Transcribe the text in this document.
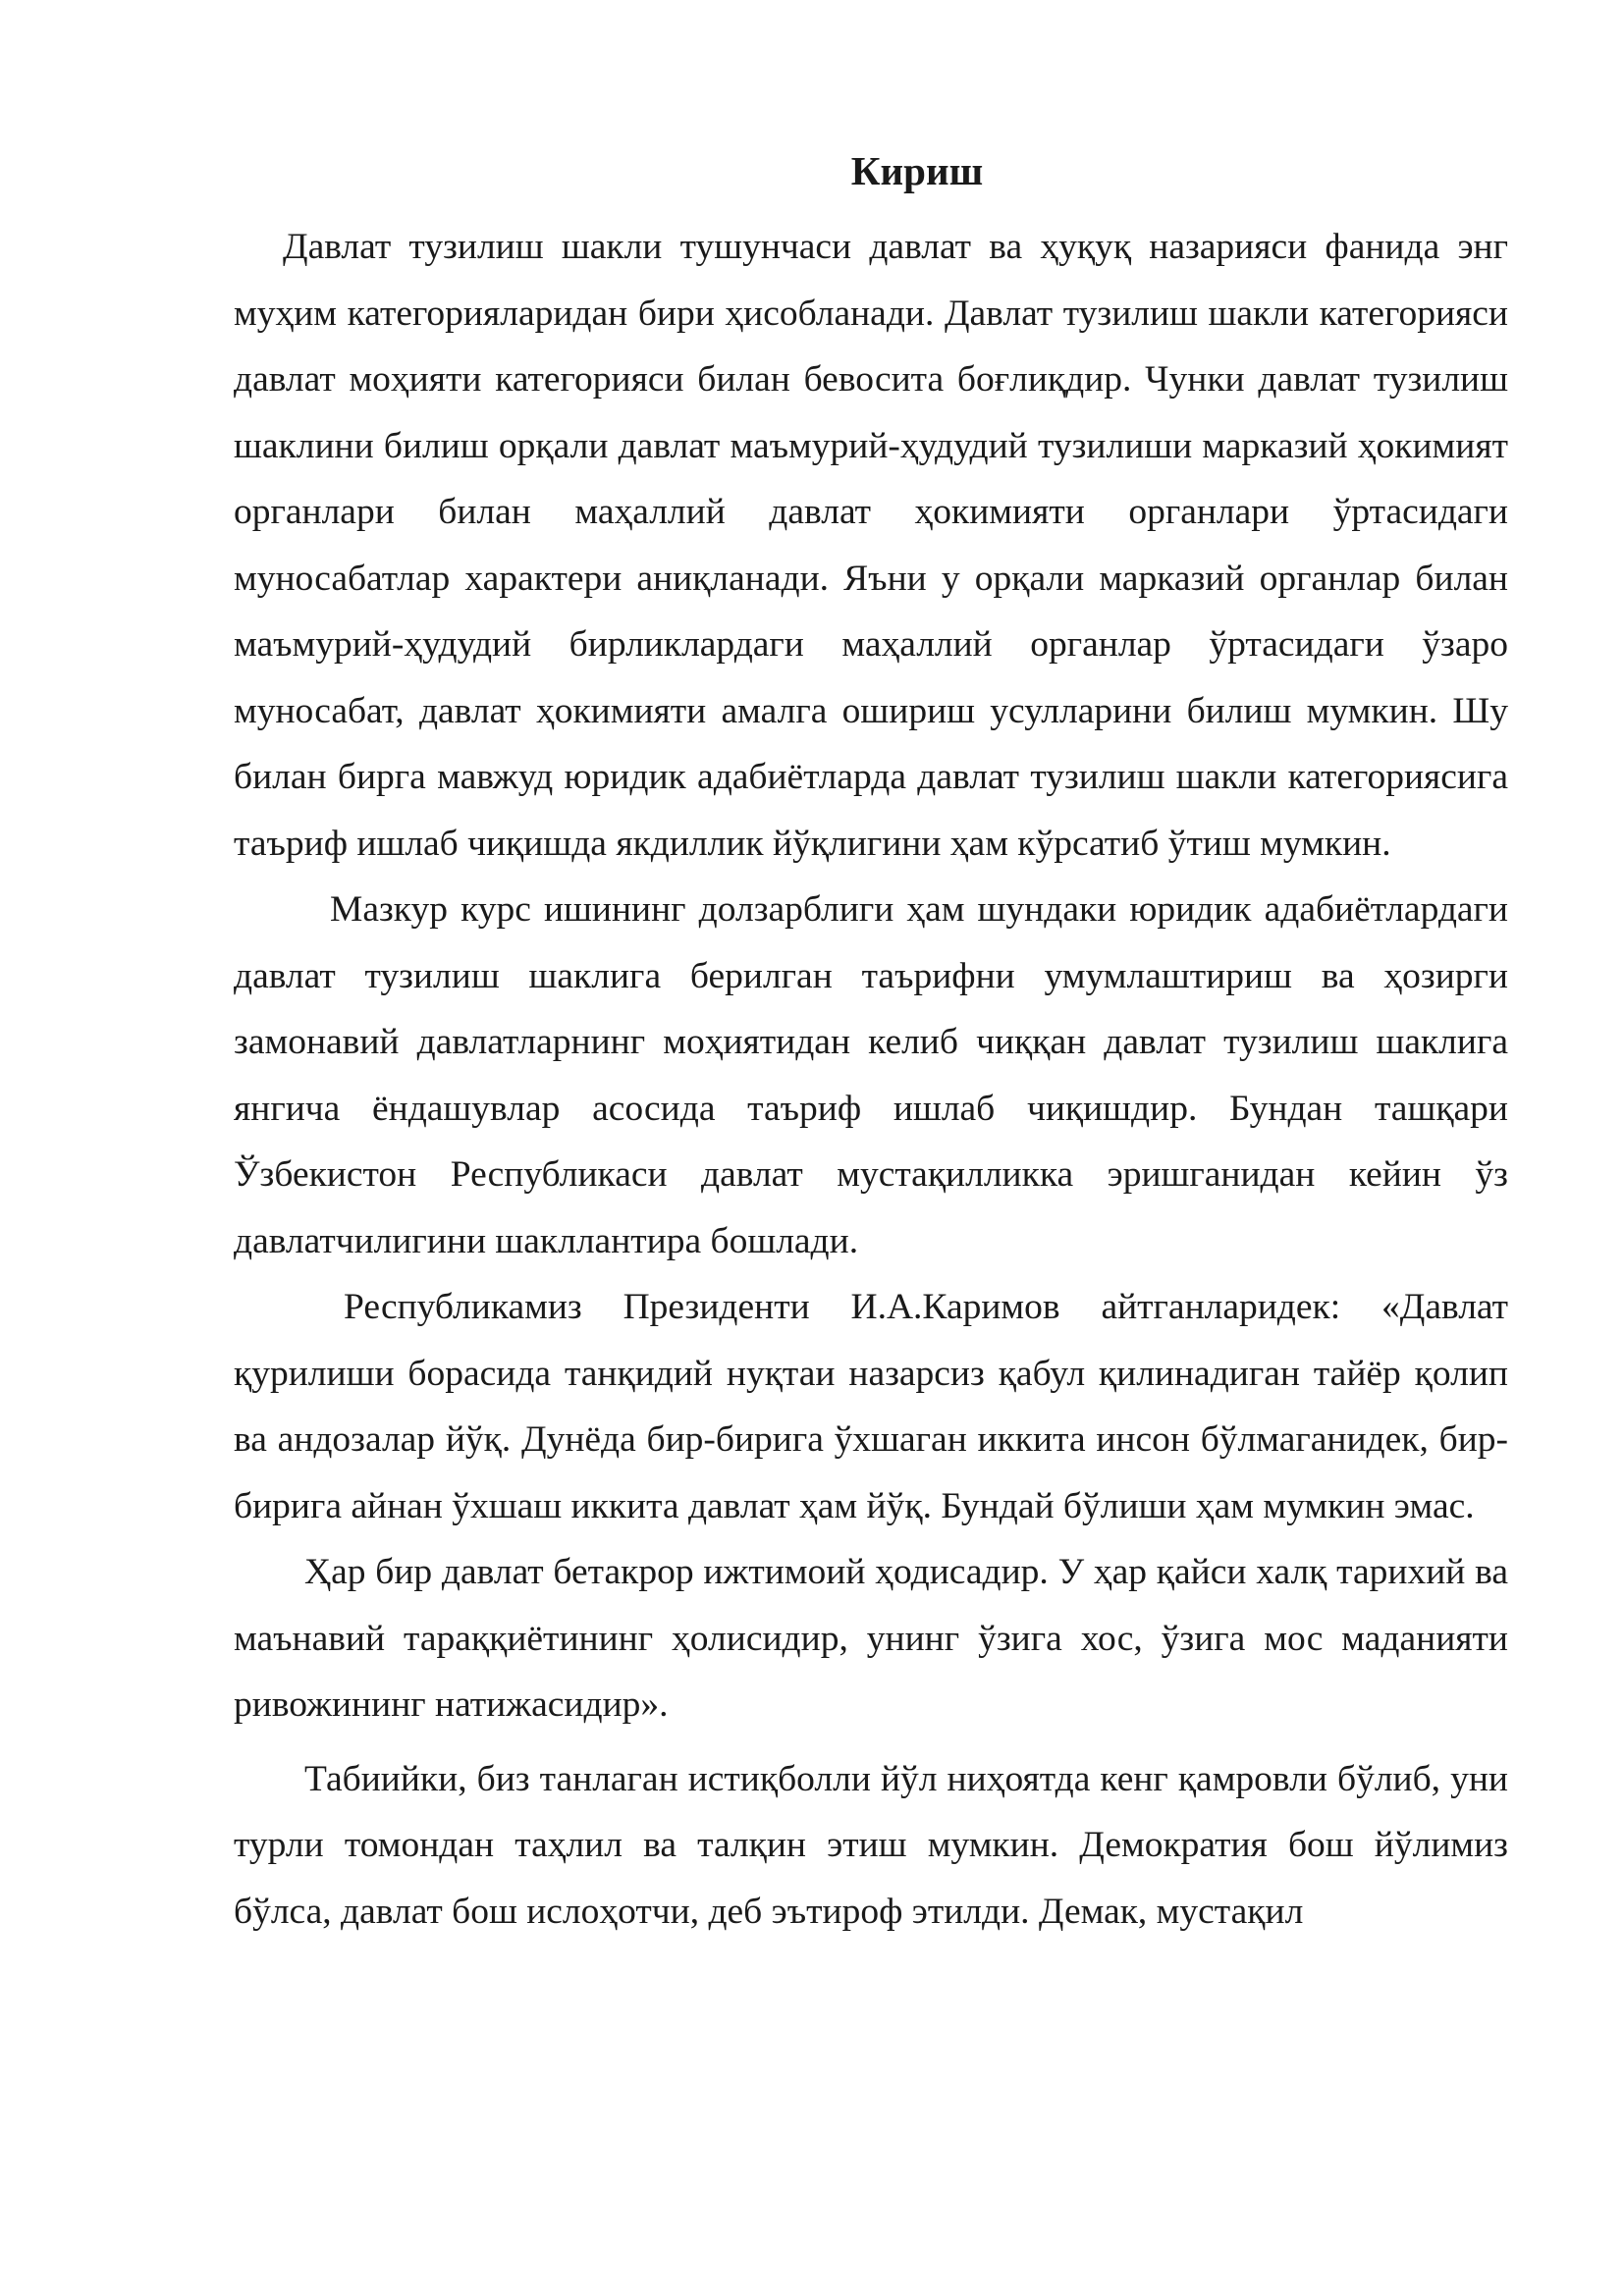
Кириш

Давлат тузилиш шакли тушунчаси давлат ва ҳуқуқ назарияси фанида энг муҳим категорияларидан бири ҳисобланади. Давлат тузилиш шакли категорияси давлат моҳияти категорияси билан бевосита боғлиқдир. Чунки давлат тузилиш шаклини билиш орқали давлат маъмурий-ҳудудий тузилиши марказий ҳокимият органлари билан маҳаллий давлат ҳокимияти органлари ўртасидаги муносабатлар характери аниқланади. Яъни у орқали марказий органлар билан маъмурий-ҳудудий бирликлардаги маҳаллий органлар ўртасидаги ўзаро муносабат, давлат ҳокимияти амалга ошириш усулларини билиш мумкин. Шу билан бирга мавжуд юридик адабиётларда давлат тузилиш шакли категориясига таъриф ишлаб чиқишда якдиллик йўқлигини ҳам кўрсатиб ўтиш мумкин.

Мазкур курс ишининг долзарблиги ҳам шундаки юридик адабиётлардаги давлат тузилиш шаклига берилган таърифни умумлаштириш ва ҳозирги замонавий давлатларнинг моҳиятидан келиб чиққан давлат тузилиш шаклига янгича ёндашувлар асосида таъриф ишлаб чиқишдир. Бундан ташқари Ўзбекистон Республикаси давлат мустақилликка эришганидан кейин ўз давлатчилигини шакллантира бошлади.

Республикамиз Президенти И.А.Каримов айтганларидек: «Давлат қурилиши борасида танқидий нуқтаи назарсиз қабул қилинадиган тайёр қолип ва андозалар йўқ. Дунёда бир-бирига ўхшаган иккита инсон бўлмаганидек, бир-бирига айнан ўхшаш иккита давлат ҳам йўқ. Бундай бўлиши ҳам мумкин эмас.

Ҳар бир давлат бетакрор ижтимоий ҳодисадир. У ҳар қайси халқ тарихий ва маънавий тараққиётининг ҳолисидир, унинг ўзига хос, ўзига мос маданияти ривожининг натижасидир».

Табиийки, биз танлаган истиқболли йўл ниҳоятда кенг қамровли бўлиб, уни турли томондан таҳлил ва талқин этиш мумкин. Демократия бош йўлимиз бўлса, давлат бош ислоҳотчи, деб эътироф этилди. Демак, мустақил
